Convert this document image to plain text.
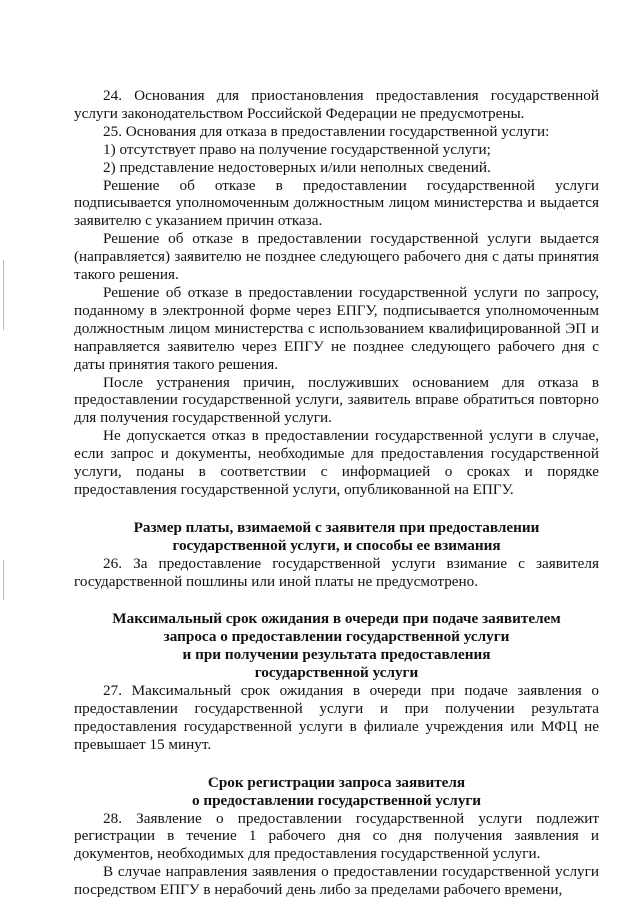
24. Основания для приостановления предоставления государственной услуги законодательством Российской Федерации не предусмотрены.

25. Основания для отказа в предоставлении государственной услуги:

1) отсутствует право на получение государственной услуги;

2) представление недостоверных и/или неполных сведений.

Решение об отказе в предоставлении государственной услуги подписывается уполномоченным должностным лицом министерства и выдается заявителю с указанием причин отказа.

Решение об отказе в предоставлении государственной услуги выдается (направляется) заявителю не позднее следующего рабочего дня с даты принятия такого решения.

Решение об отказе в предоставлении государственной услуги по запросу, поданному в электронной форме через ЕПГУ, подписывается уполномоченным должностным лицом министерства с использованием квалифицированной ЭП и направляется заявителю через ЕПГУ не позднее следующего рабочего дня с даты принятия такого решения.

После устранения причин, послуживших основанием для отказа в предоставлении государственной услуги, заявитель вправе обратиться повторно для получения государственной услуги.

Не допускается отказ в предоставлении государственной услуги в случае, если запрос и документы, необходимые для предоставления государственной услуги, поданы в соответствии с информацией о сроках и порядке предоставления государственной услуги, опубликованной на ЕПГУ.

Размер платы, взимаемой с заявителя при предоставлении

государственной услуги, и способы ее взимания

26. За предоставление государственной услуги взимание с заявителя государственной пошлины или иной платы не предусмотрено.

Максимальный срок ожидания в очереди при подаче заявителем

запроса о предоставлении государственной услуги

и при получении результата предоставления

государственной услуги

27. Максимальный срок ожидания в очереди при подаче заявления о предоставлении государственной услуги и при получении результата предоставления государственной услуги в филиале учреждения или МФЦ не превышает 15 минут.

Срок регистрации запроса заявителя

о предоставлении государственной услуги

28. Заявление о предоставлении государственной услуги подлежит регистрации в течение 1 рабочего дня со дня получения заявления и документов, необходимых для предоставления государственной услуги.

В случае направления заявления о предоставлении государственной услуги посредством ЕПГУ в нерабочий день либо за пределами рабочего времени,
